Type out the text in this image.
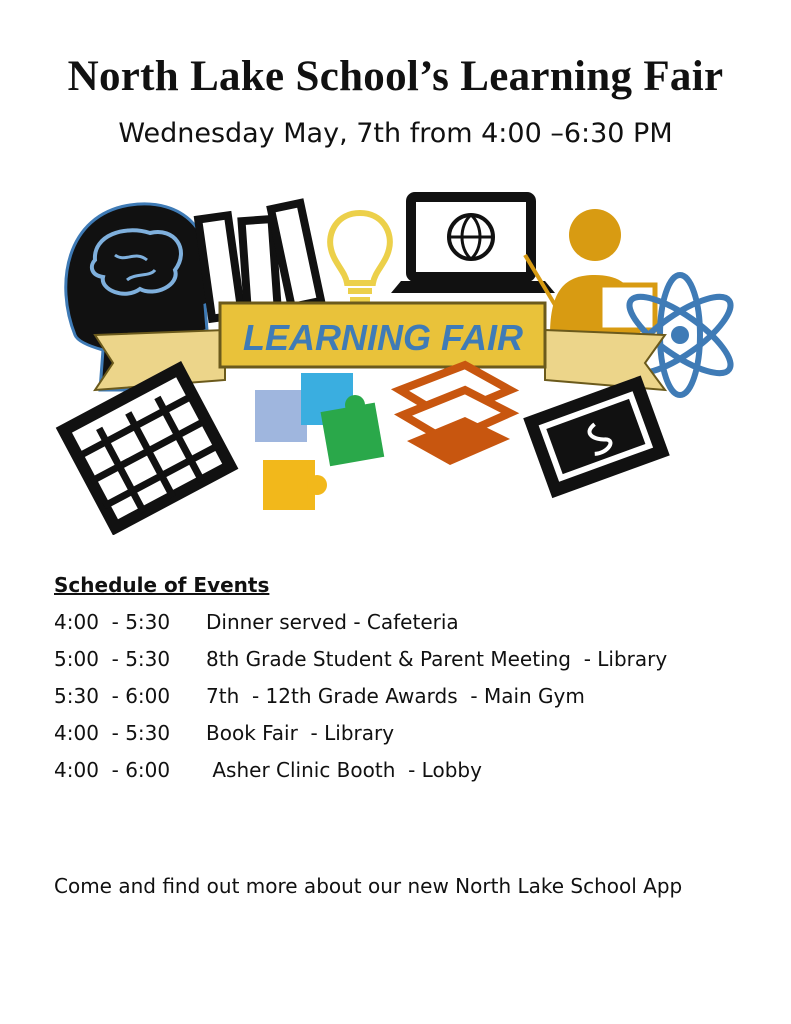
North Lake School’s Learning Fair

Wednesday May, 7th from 4:00 –6:30 PM

LEARNING FAIR
Schedule of Events
4:00  - 5:30	Dinner served - Cafeteria
5:00  - 5:30	8th Grade Student & Parent Meeting  - Library
5:30  - 6:00	7th  - 12th Grade Awards  - Main Gym
4:00  - 5:30	Book Fair  - Library
4:00  - 6:00	Asher Clinic Booth  - Lobby

Come and find out more about our new North Lake School App
